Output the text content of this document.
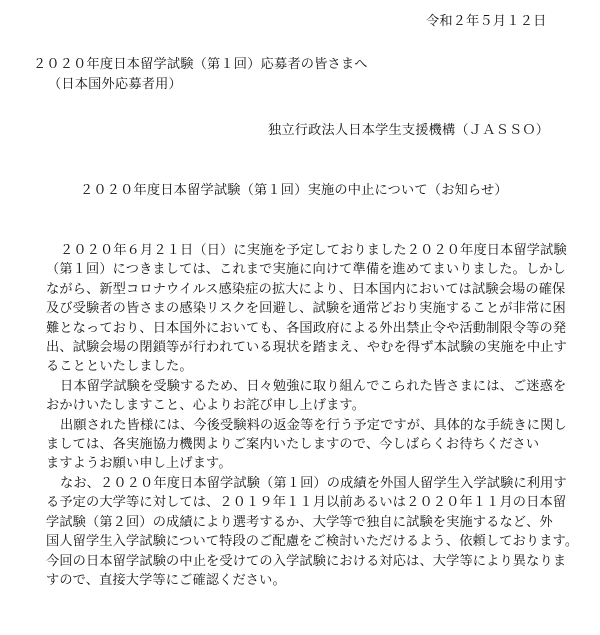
令和２年５月１２日
２０２０年度日本留学試験（第１回）応募者の皆さまへ
（日本国外応募者用）
独立行政法人日本学生支援機構（ＪＡＳＳＯ）
２０２０年度日本留学試験（第１回）実施の中止について（お知らせ）
２０２０年６月２１日（日）に実施を予定しておりました２０２０年度日本留学試験
（第１回）につきましては、これまで実施に向けて準備を進めてまいりました。しかし
ながら、新型コロナウイルス感染症の拡大により、日本国内においては試験会場の確保
及び受験者の皆さまの感染リスクを回避し、試験を通常どおり実施することが非常に困
難となっており、日本国外においても、各国政府による外出禁止令や活動制限令等の発
出、試験会場の閉鎖等が行われている現状を踏まえ、やむを得ず本試験の実施を中止す
ることといたしました。
日本留学試験を受験するため、日々勉強に取り組んでこられた皆さまには、ご迷惑を
おかけいたしますこと、心よりお詫び申し上げます。
出願された皆様には、今後受験料の返金等を行う予定ですが、具体的な手続きに関し
ましては、各実施協力機関よりご案内いたしますので、今しばらくお待ちください
ますようお願い申し上げます。
なお、２０２０年度日本留学試験（第１回）の成績を外国人留学生入学試験に利用す
る予定の大学等に対しては、２０１９年１１月以前あるいは２０２０年１１月の日本留
学試験（第２回）の成績により選考するか、大学等で独自に試験を実施するなど、外
国人留学生入学試験について特段のご配慮をご検討いただけるよう、依頼しております。
今回の日本留学試験の中止を受けての入学試験における対応は、大学等により異なりま
すので、直接大学等にご確認ください。
